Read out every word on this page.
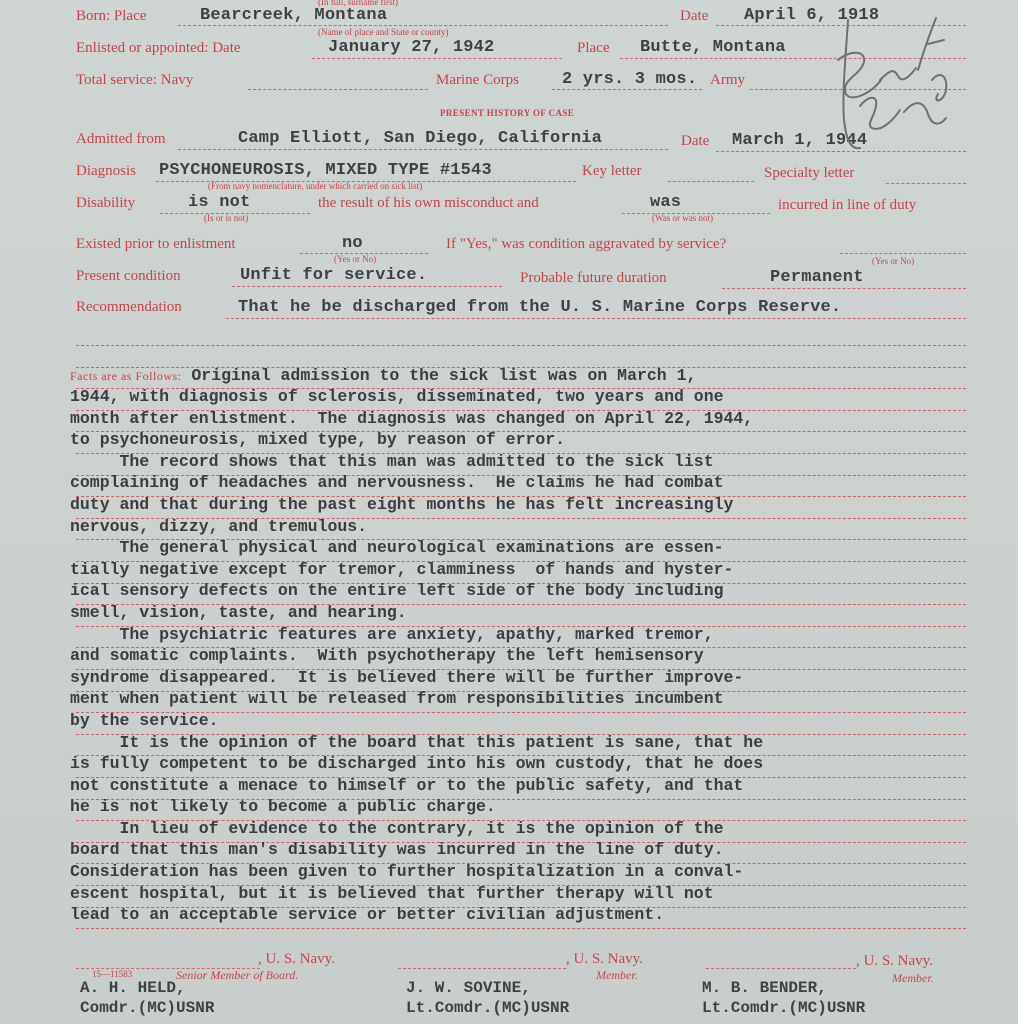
(In full, surname first)
Born: Place	Bearcreek, Montana
(Name of place and State or county)
Date April 6, 1918
Enlisted or appointed: Date	January 27, 1942	Place Butte, Montana
Total service: Navy	Marine Corps	2 yrs. 3 mos. Army
PRESENT HISTORY OF CASE
Admitted from	Camp Elliott, San Diego, California	Date March 1, 1944
Diagnosis PSYCHONEUROSIS, MIXED TYPE #1543
(From navy nomenclature, under which carried on sick list)
Key letter	Specialty letter
Disability	is not
(Is or is not)
the result of his own misconduct and	was
(Was or was not)
incurred in line of duty
Existed prior to enlistment	no
(Yes or No)
If "Yes," was condition aggravated by service?
(Yes or No)
Present condition	Unfit for service.	Probable future duration	Permanent
Recommendation	That he be discharged from the U. S. Marine Corps Reserve.
Facts are as Follows: Original admission to the sick list was on March 1,
1944, with diagnosis of sclerosis, disseminated, two years and one
month after enlistment.  The diagnosis was changed on April 22, 1944,
to psychoneurosis, mixed type, by reason of error.
The record shows that this man was admitted to the sick list
complaining of headaches and nervousness.  He claims he had combat
duty and that during the past eight months he has felt increasingly
nervous, dizzy, and tremulous.
The general physical and neurological examinations are essen-
tially negative except for tremor, clamminess  of hands and hyster-
ical sensory defects on the entire left side of the body including
smell, vision, taste, and hearing.
The psychiatric features are anxiety, apathy, marked tremor,
and somatic complaints.  With psychotherapy the left hemisensory
syndrome disappeared.  It is believed there will be further improve-
ment when patient will be released from responsibilities incumbent
by the service.
It is the opinion of the board that this patient is sane, that he
is fully competent to be discharged into his own custody, that he does
not constitute a menace to himself or to the public safety, and that
he is not likely to become a public charge.
In lieu of evidence to the contrary, it is the opinion of the
board that this man's disability was incurred in the line of duty.
Consideration has been given to further hospitalization in a conval-
escent hospital, but it is believed that further therapy will not
lead to an acceptable service or better civilian adjustment.
15—11583
, U. S. Navy.
Senior Member of Board.
A. H. HELD,
Comdr.(MC)USNR
, U. S. Navy.
Member.
J. W. SOVINE,
Lt.Comdr.(MC)USNR
, U. S. Navy.
Member.
M. B. BENDER,
Lt.Comdr.(MC)USNR
